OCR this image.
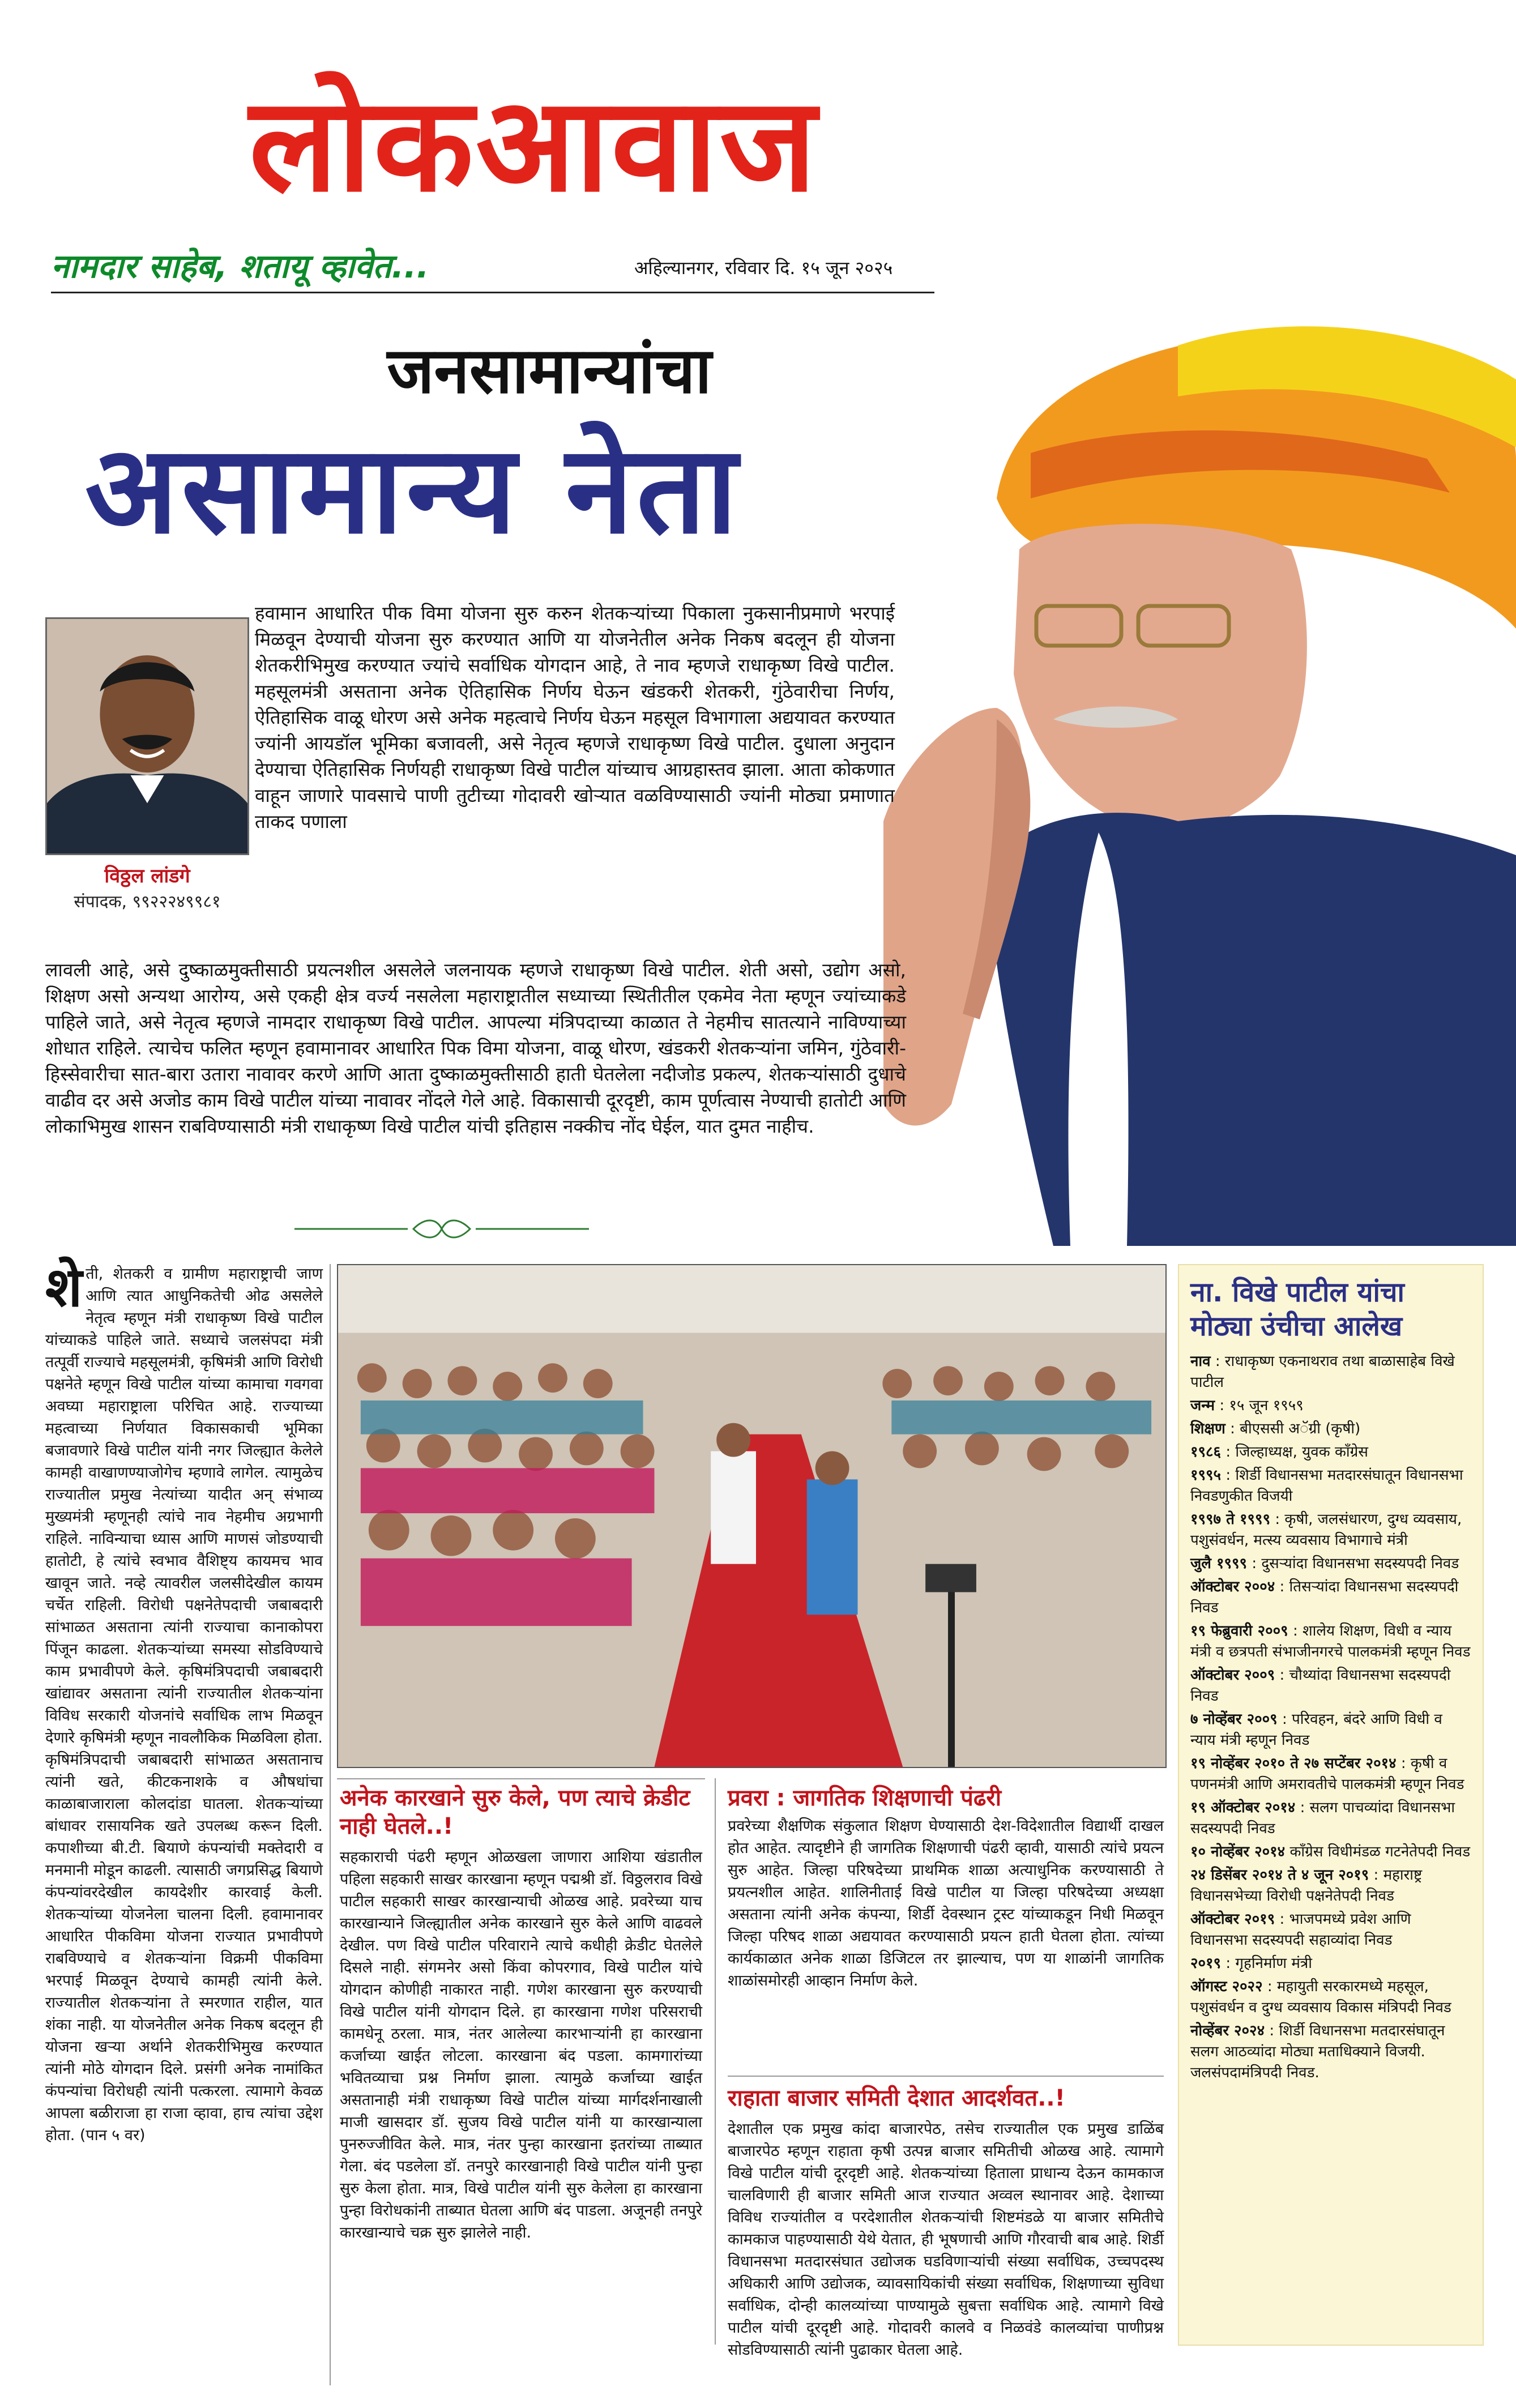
लोकआवाज
नामदार साहेब, शतायू व्हावेत...	अहिल्यानगर, रविवार दि. १५ जून २०२५
जनसामान्यांचा
असामान्य नेता
विठ्ठल लांडगे
संपादक, ९९२२२४९९८१
हवामान आधारित पीक विमा योजना सुरु करुन शेतकऱ्यांच्या पिकाला नुकसानीप्रमाणे भरपाई मिळवून देण्याची योजना सुरु करण्यात आणि या योजनेतील अनेक निकष बदलून ही योजना शेतकरीभिमुख करण्यात ज्यांचे सर्वाधिक योगदान आहे, ते नाव म्हणजे राधाकृष्ण विखे पाटील. महसूलमंत्री असताना अनेक ऐतिहासिक निर्णय घेऊन खंडकरी शेतकरी, गुंठेवारीचा निर्णय, ऐतिहासिक वाळू धोरण असे अनेक महत्वाचे निर्णय घेऊन महसूल विभागाला अद्ययावत करण्यात ज्यांनी आयडॉल भूमिका बजावली, असे नेतृत्व म्हणजे राधाकृष्ण विखे पाटील. दुधाला अनुदान देण्याचा ऐतिहासिक निर्णयही राधाकृष्ण विखे पाटील यांच्याच आग्रहास्तव झाला. आता कोकणात वाहून जाणारे पावसाचे पाणी तुटीच्या गोदावरी खोऱ्यात वळविण्यासाठी ज्यांनी मोठ्या प्रमाणात ताकद पणाला
लावली आहे, असे दुष्काळमुक्तीसाठी प्रयत्नशील असलेले जलनायक म्हणजे राधाकृष्ण विखे पाटील. शेती असो, उद्योग असो, शिक्षण असो अन्यथा आरोग्य, असे एकही क्षेत्र वर्ज्य नसलेला महाराष्ट्रातील सध्याच्या स्थितीतील एकमेव नेता म्हणून ज्यांच्याकडे पाहिले जाते, असे नेतृत्व म्हणजे नामदार राधाकृष्ण विखे पाटील. आपल्या मंत्रिपदाच्या काळात ते नेहमीच सातत्याने नाविण्याच्या शोधात राहिले. त्याचेच फलित म्हणून हवामानावर आधारित पिक विमा योजना, वाळू धोरण, खंडकरी शेतकऱ्यांना जमिन, गुंठेवारी-हिस्सेवारीचा सात-बारा उतारा नावावर करणे आणि आता दुष्काळमुक्तीसाठी हाती घेतलेला नदीजोड प्रकल्प, शेतकऱ्यांसाठी दुधाचे वाढीव दर असे अजोड काम विखे पाटील यांच्या नावावर नोंदले गेले आहे. विकासाची दूरदृष्टी, काम पूर्णत्वास नेण्याची हातोटी आणि लोकाभिमुख शासन राबविण्यासाठी मंत्री राधाकृष्ण विखे पाटील यांची इतिहास नक्कीच नोंद घेईल, यात दुमत नाहीच.
शेती, शेतकरी व ग्रामीण महाराष्ट्राची जाण आणि त्यात आधुनिकतेची ओढ असलेले नेतृत्व म्हणून मंत्री राधाकृष्ण विखे पाटील यांच्याकडे पाहिले जाते. सध्याचे जलसंपदा मंत्री तत्पूर्वी राज्याचे महसूलमंत्री, कृषिमंत्री आणि विरोधी पक्षनेते म्हणून विखे पाटील यांच्या कामाचा गवगवा अवघ्या महाराष्ट्राला परिचित आहे. राज्याच्या महत्वाच्या निर्णयात विकासकाची भूमिका बजावणारे विखे पाटील यांनी नगर जिल्ह्यात केलेले कामही वाखाणण्याजोगेच म्हणावे लागेल. त्यामुळेच राज्यातील प्रमुख नेत्यांच्या यादीत अन् संभाव्य मुख्यमंत्री म्हणूनही त्यांचे नाव नेहमीच अग्रभागी राहिले. नाविन्याचा ध्यास आणि माणसं जोडण्याची हातोटी, हे त्यांचे स्वभाव वैशिष्ट्य कायमच भाव खावून जाते. नव्हे त्यावरील जलसीदेखील कायम चर्चेत राहिली. विरोधी पक्षनेतेपदाची जबाबदारी सांभाळत असताना त्यांनी राज्याचा कानाकोपरा पिंजून काढला. शेतकऱ्यांच्या समस्या सोडविण्याचे काम प्रभावीपणे केले. कृषिमंत्रिपदाची जबाबदारी खांद्यावर असताना त्यांनी राज्यातील शेतकऱ्यांना विविध सरकारी योजनांचे सर्वाधिक लाभ मिळवून देणारे कृषिमंत्री म्हणून नावलौकिक मिळविला होता. कृषिमंत्रिपदाची जबाबदारी सांभाळत असतानाच त्यांनी खते, कीटकनाशके व औषधांचा काळाबाजाराला कोलदांडा घातला. शेतकऱ्यांच्या बांधावर रासायनिक खते उपलब्ध करून दिली. कपाशीच्या बी.टी. बियाणे कंपन्यांची मक्तेदारी व मनमानी मोडून काढली. त्यासाठी जगप्रसिद्ध बियाणे कंपन्यांवरदेखील कायदेशीर कारवाई केली. शेतकऱ्यांच्या योजनेला चालना दिली. हवामानावर आधारित पीकविमा योजना राज्यात प्रभावीपणे राबविण्याचे व शेतकऱ्यांना विक्रमी पीकविमा भरपाई मिळवून देण्याचे कामही त्यांनी केले. राज्यातील शेतकऱ्यांना ते स्मरणात राहील, यात शंका नाही. या योजनेतील अनेक निकष बदलून ही योजना खऱ्या अर्थाने शेतकरीभिमुख करण्यात त्यांनी मोठे योगदान दिले. प्रसंगी अनेक नामांकित कंपन्यांचा विरोधही त्यांनी पत्करला. त्यामागे केवळ आपला बळीराजा हा राजा व्हावा, हाच त्यांचा उद्देश होता. (पान ५ वर)
अनेक कारखाने सुरु केले, पण त्याचे क्रेडीट नाही घेतले..!
सहकाराची पंढरी म्हणून ओळखला जाणारा आशिया खंडातील पहिला सहकारी साखर कारखाना म्हणून पद्मश्री डॉ. विठ्ठलराव विखे पाटील सहकारी साखर कारखान्याची ओळख आहे. प्रवरेच्या याच कारखान्याने जिल्ह्यातील अनेक कारखाने सुरु केले आणि वाढवले देखील. पण विखे पाटील परिवाराने त्याचे कधीही क्रेडीट घेतलेले दिसले नाही. संगमनेर असो किंवा कोपरगाव, विखे पाटील यांचे योगदान कोणीही नाकारत नाही. गणेश कारखाना सुरु करण्याची विखे पाटील यांनी योगदान दिले. हा कारखाना गणेश परिसराची कामधेनू ठरला. मात्र, नंतर आलेल्या कारभाऱ्यांनी हा कारखाना कर्जाच्या खाईत लोटला. कारखाना बंद पडला. कामगारांच्या भवितव्याचा प्रश्न निर्माण झाला. त्यामुळे कर्जाच्या खाईत असतानाही मंत्री राधाकृष्ण विखे पाटील यांच्या मार्गदर्शनाखाली माजी खासदार डॉ. सुजय विखे पाटील यांनी या कारखान्याला पुनरुज्जीवित केले. मात्र, नंतर पुन्हा कारखाना इतरांच्या ताब्यात गेला. बंद पडलेला डॉ. तनपुरे कारखानाही विखे पाटील यांनी पुन्हा सुरु केला होता. मात्र, विखे पाटील यांनी सुरु केलेला हा कारखाना पुन्हा विरोधकांनी ताब्यात घेतला आणि बंद पाडला. अजूनही तनपुरे कारखान्याचे चक्र सुरु झालेले नाही.
प्रवरा : जागतिक शिक्षणाची पंढरी
प्रवरेच्या शैक्षणिक संकुलात शिक्षण घेण्यासाठी देश-विदेशातील विद्यार्थी दाखल होत आहेत. त्यादृष्टीने ही जागतिक शिक्षणाची पंढरी व्हावी, यासाठी त्यांचे प्रयत्न सुरु आहेत. जिल्हा परिषदेच्या प्राथमिक शाळा अत्याधुनिक करण्यासाठी ते प्रयत्नशील आहेत. शालिनीताई विखे पाटील या जिल्हा परिषदेच्या अध्यक्षा असताना त्यांनी अनेक कंपन्या, शिर्डी देवस्थान ट्रस्ट यांच्याकडून निधी मिळवून जिल्हा परिषद शाळा अद्ययावत करण्यासाठी प्रयत्न हाती घेतला होता. त्यांच्या कार्यकाळात अनेक शाळा डिजिटल तर झाल्याच, पण या शाळांनी जागतिक शाळांसमोरही आव्हान निर्माण केले.
राहाता बाजार समिती देशात आदर्शवत..!
देशातील एक प्रमुख कांदा बाजारपेठ, तसेच राज्यातील एक प्रमुख डाळिंब बाजारपेठ म्हणून राहाता कृषी उत्पन्न बाजार समितीची ओळख आहे. त्यामागे विखे पाटील यांची दूरदृष्टी आहे. शेतकऱ्यांच्या हिताला प्राधान्य देऊन कामकाज चालविणारी ही बाजार समिती आज राज्यात अव्वल स्थानावर आहे. देशाच्या विविध राज्यांतील व परदेशातील शेतकऱ्यांची शिष्टमंडळे या बाजार समितीचे कामकाज पाहण्यासाठी येथे येतात, ही भूषणाची आणि गौरवाची बाब आहे. शिर्डी विधानसभा मतदारसंघात उद्योजक घडविणाऱ्यांची संख्या सर्वाधिक, उच्चपदस्थ अधिकारी आणि उद्योजक, व्यावसायिकांची संख्या सर्वाधिक, शिक्षणाच्या सुविधा सर्वाधिक, दोन्ही कालव्यांच्या पाण्यामुळे सुबत्ता सर्वाधिक आहे. त्यामागे विखे पाटील यांची दूरदृष्टी आहे. गोदावरी कालवे व निळवंडे कालव्यांचा पाणीप्रश्न सोडविण्यासाठी त्यांनी पुढाकार घेतला आहे.
ना. विखे पाटील यांचा मोठ्या उंचीचा आलेख
नाव : राधाकृष्ण एकनाथराव तथा बाळासाहेब विखे पाटील
जन्म : १५ जून १९५९
शिक्षण : बीएससी अॅग्री (कृषी)
१९८६ : जिल्हाध्यक्ष, युवक काँग्रेस
१९९५ : शिर्डी विधानसभा मतदारसंघातून विधानसभा निवडणुकीत विजयी
१९९७ ते १९९९ : कृषी, जलसंधारण, दुग्ध व्यवसाय, पशुसंवर्धन, मत्स्य व्यवसाय विभागाचे मंत्री
जुलै १९९९ : दुसऱ्यांदा विधानसभा सदस्यपदी निवड
ऑक्टोबर २००४ : तिसऱ्यांदा विधानसभा सदस्यपदी निवड
१९ फेब्रुवारी २००९ : शालेय शिक्षण, विधी व न्याय मंत्री व छत्रपती संभाजीनगरचे पालकमंत्री म्हणून निवड
ऑक्टोबर २००९ : चौथ्यांदा विधानसभा सदस्यपदी निवड
७ नोव्हेंबर २००९ : परिवहन, बंदरे आणि विधी व न्याय मंत्री म्हणून निवड
१९ नोव्हेंबर २०१० ते २७ सप्टेंबर २०१४ : कृषी व पणनमंत्री आणि अमरावतीचे पालकमंत्री म्हणून निवड
१९ ऑक्टोबर २०१४ : सलग पाचव्यांदा विधानसभा सदस्यपदी निवड
१० नोव्हेंबर २०१४ काँग्रेस विधीमंडळ गटनेतेपदी निवड
२४ डिसेंबर २०१४ ते ४ जून २०१९ : महाराष्ट्र विधानसभेच्या विरोधी पक्षनेतेपदी निवड
ऑक्टोबर २०१९ : भाजपमध्ये प्रवेश आणि विधानसभा सदस्यपदी सहाव्यांदा निवड
२०१९ : गृहनिर्माण मंत्री
ऑगस्ट २०२२ : महायुती सरकारमध्ये महसूल, पशुसंवर्धन व दुग्ध व्यवसाय विकास मंत्रिपदी निवड
नोव्हेंबर २०२४ : शिर्डी विधानसभा मतदारसंघातून सलग आठव्यांदा मोठ्या मताधिक्याने विजयी. जलसंपदामंत्रिपदी निवड.
